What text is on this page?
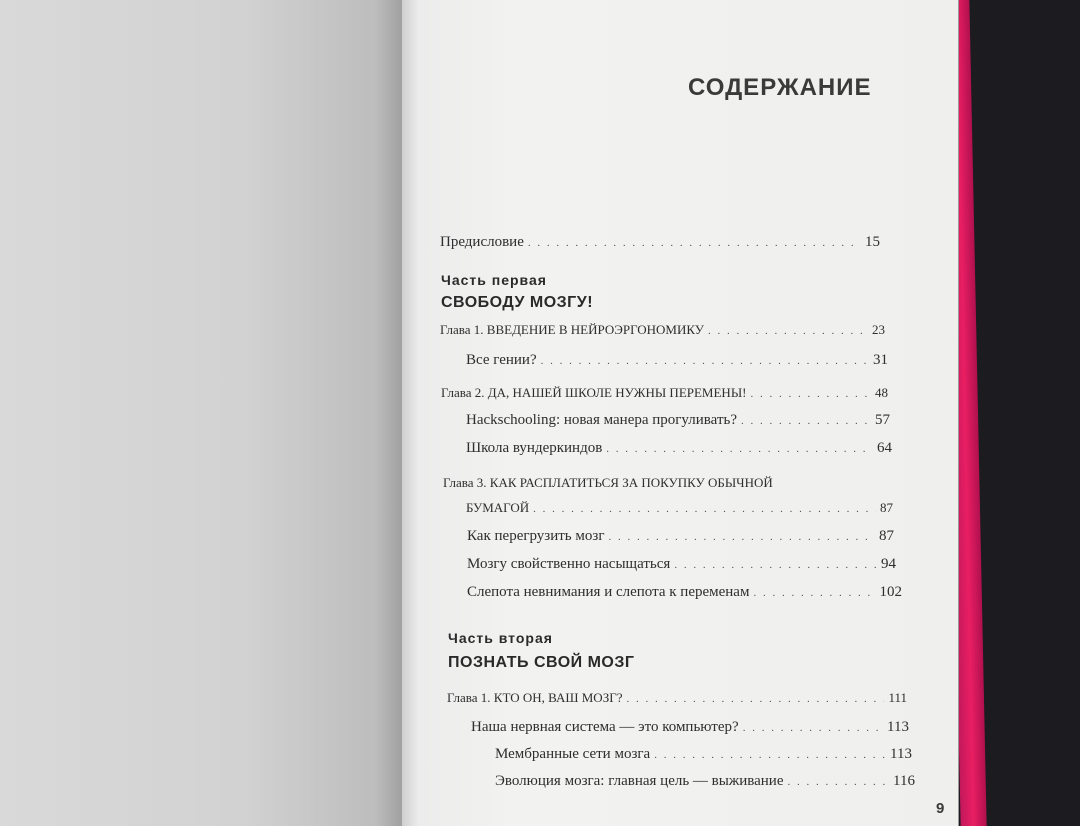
СОДЕРЖАНИЕ
Предисловие . . .	15
Часть первая
СВОБОДУ МОЗГУ!
Глава 1. ВВЕДЕНИЕ В НЕЙРОЭРГОНОМИКУ . . .	23
Все гении? . . .	31
Глава 2. ДА, НАШЕЙ ШКОЛЕ НУЖНЫ ПЕРЕМЕНЫ! . . .	48
Hackschooling: новая манера прогуливать? . . .	57
Школа вундеркиндов . . .	64
Глава 3. КАК РАСПЛАТИТЬСЯ ЗА ПОКУПКУ ОБЫЧНОЙ
БУМАГОЙ . . .	87
Как перегрузить мозг . . .	87
Мозгу свойственно насыщаться . . .	94
Слепота невнимания и слепота к переменам . . .	102
Часть вторая
ПОЗНАТЬ СВОЙ МОЗГ
Глава 1. КТО ОН, ВАШ МОЗГ? . . .	111
Наша нервная система — это компьютер? . . .	113
Мембранные сети мозга . . .	113
Эволюция мозга: главная цель — выживание . . .	116
9
